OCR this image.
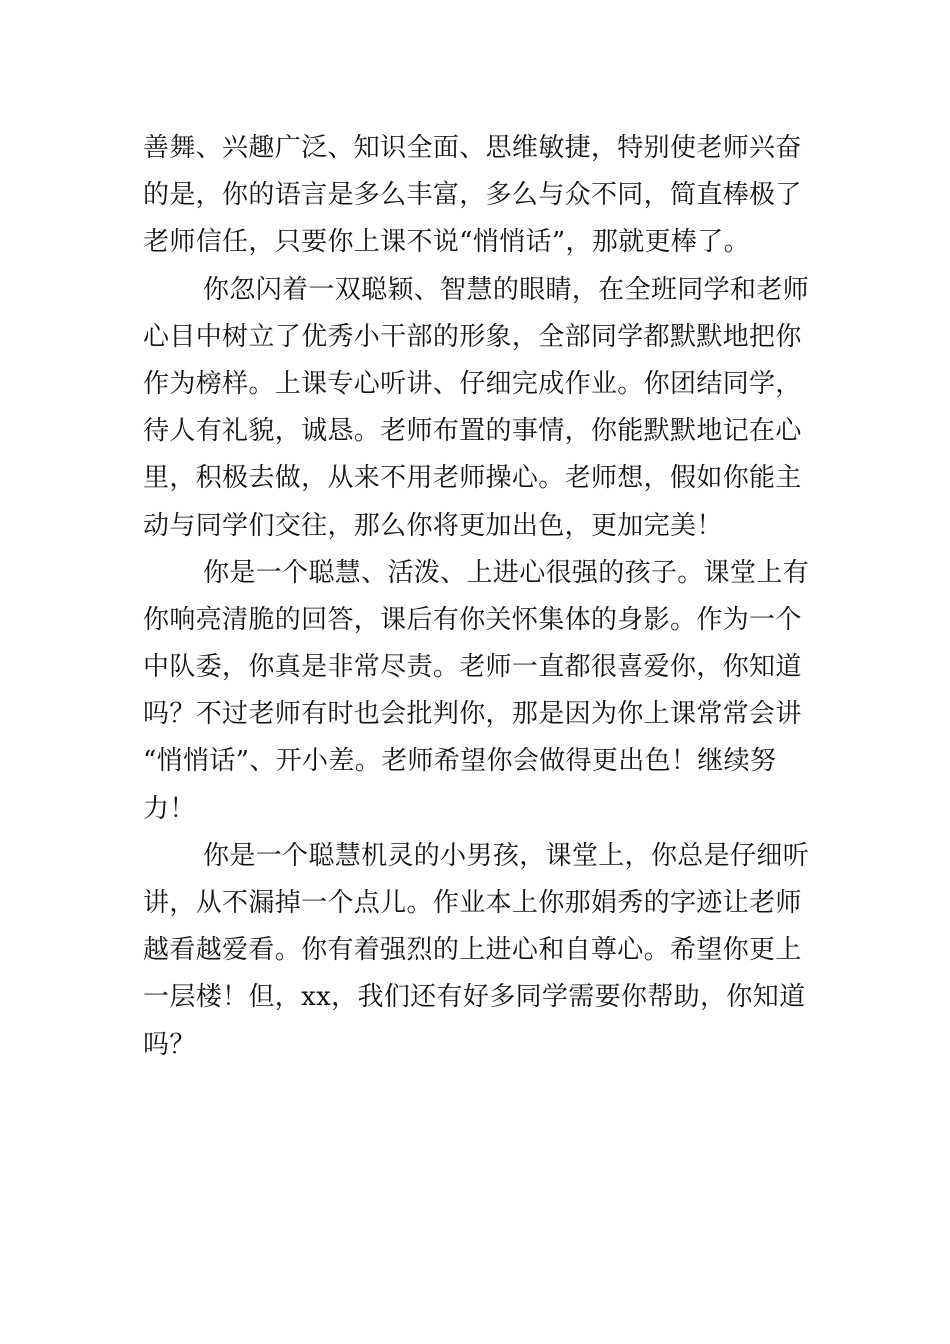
善舞、兴趣广泛、知识全面、思维敏捷，特别使老师兴奋
的是，你的语言是多么丰富，多么与众不同，简直棒极了
老师信任，只要你上课不说“悄悄话”，那就更棒了。
你忽闪着一双聪颖、智慧的眼睛，在全班同学和老师
心目中树立了优秀小干部的形象，全部同学都默默地把你
作为榜样。上课专心听讲、仔细完成作业。你团结同学，
待人有礼貌，诚恳。老师布置的事情，你能默默地记在心
里，积极去做，从来不用老师操心。老师想，假如你能主
动与同学们交往，那么你将更加出色，更加完美！
你是一个聪慧、活泼、上进心很强的孩子。课堂上有
你响亮清脆的回答，课后有你关怀集体的身影。作为一个
中队委，你真是非常尽责。老师一直都很喜爱你，你知道
吗？不过老师有时也会批判你，那是因为你上课常常会讲
“悄悄话”、开小差。老师希望你会做得更出色！继续努
力！
你是一个聪慧机灵的小男孩，课堂上，你总是仔细听
讲，从不漏掉一个点儿。作业本上你那娟秀的字迹让老师
越看越爱看。你有着强烈的上进心和自尊心。希望你更上
一层楼！但，xx，我们还有好多同学需要你帮助，你知道
吗？
